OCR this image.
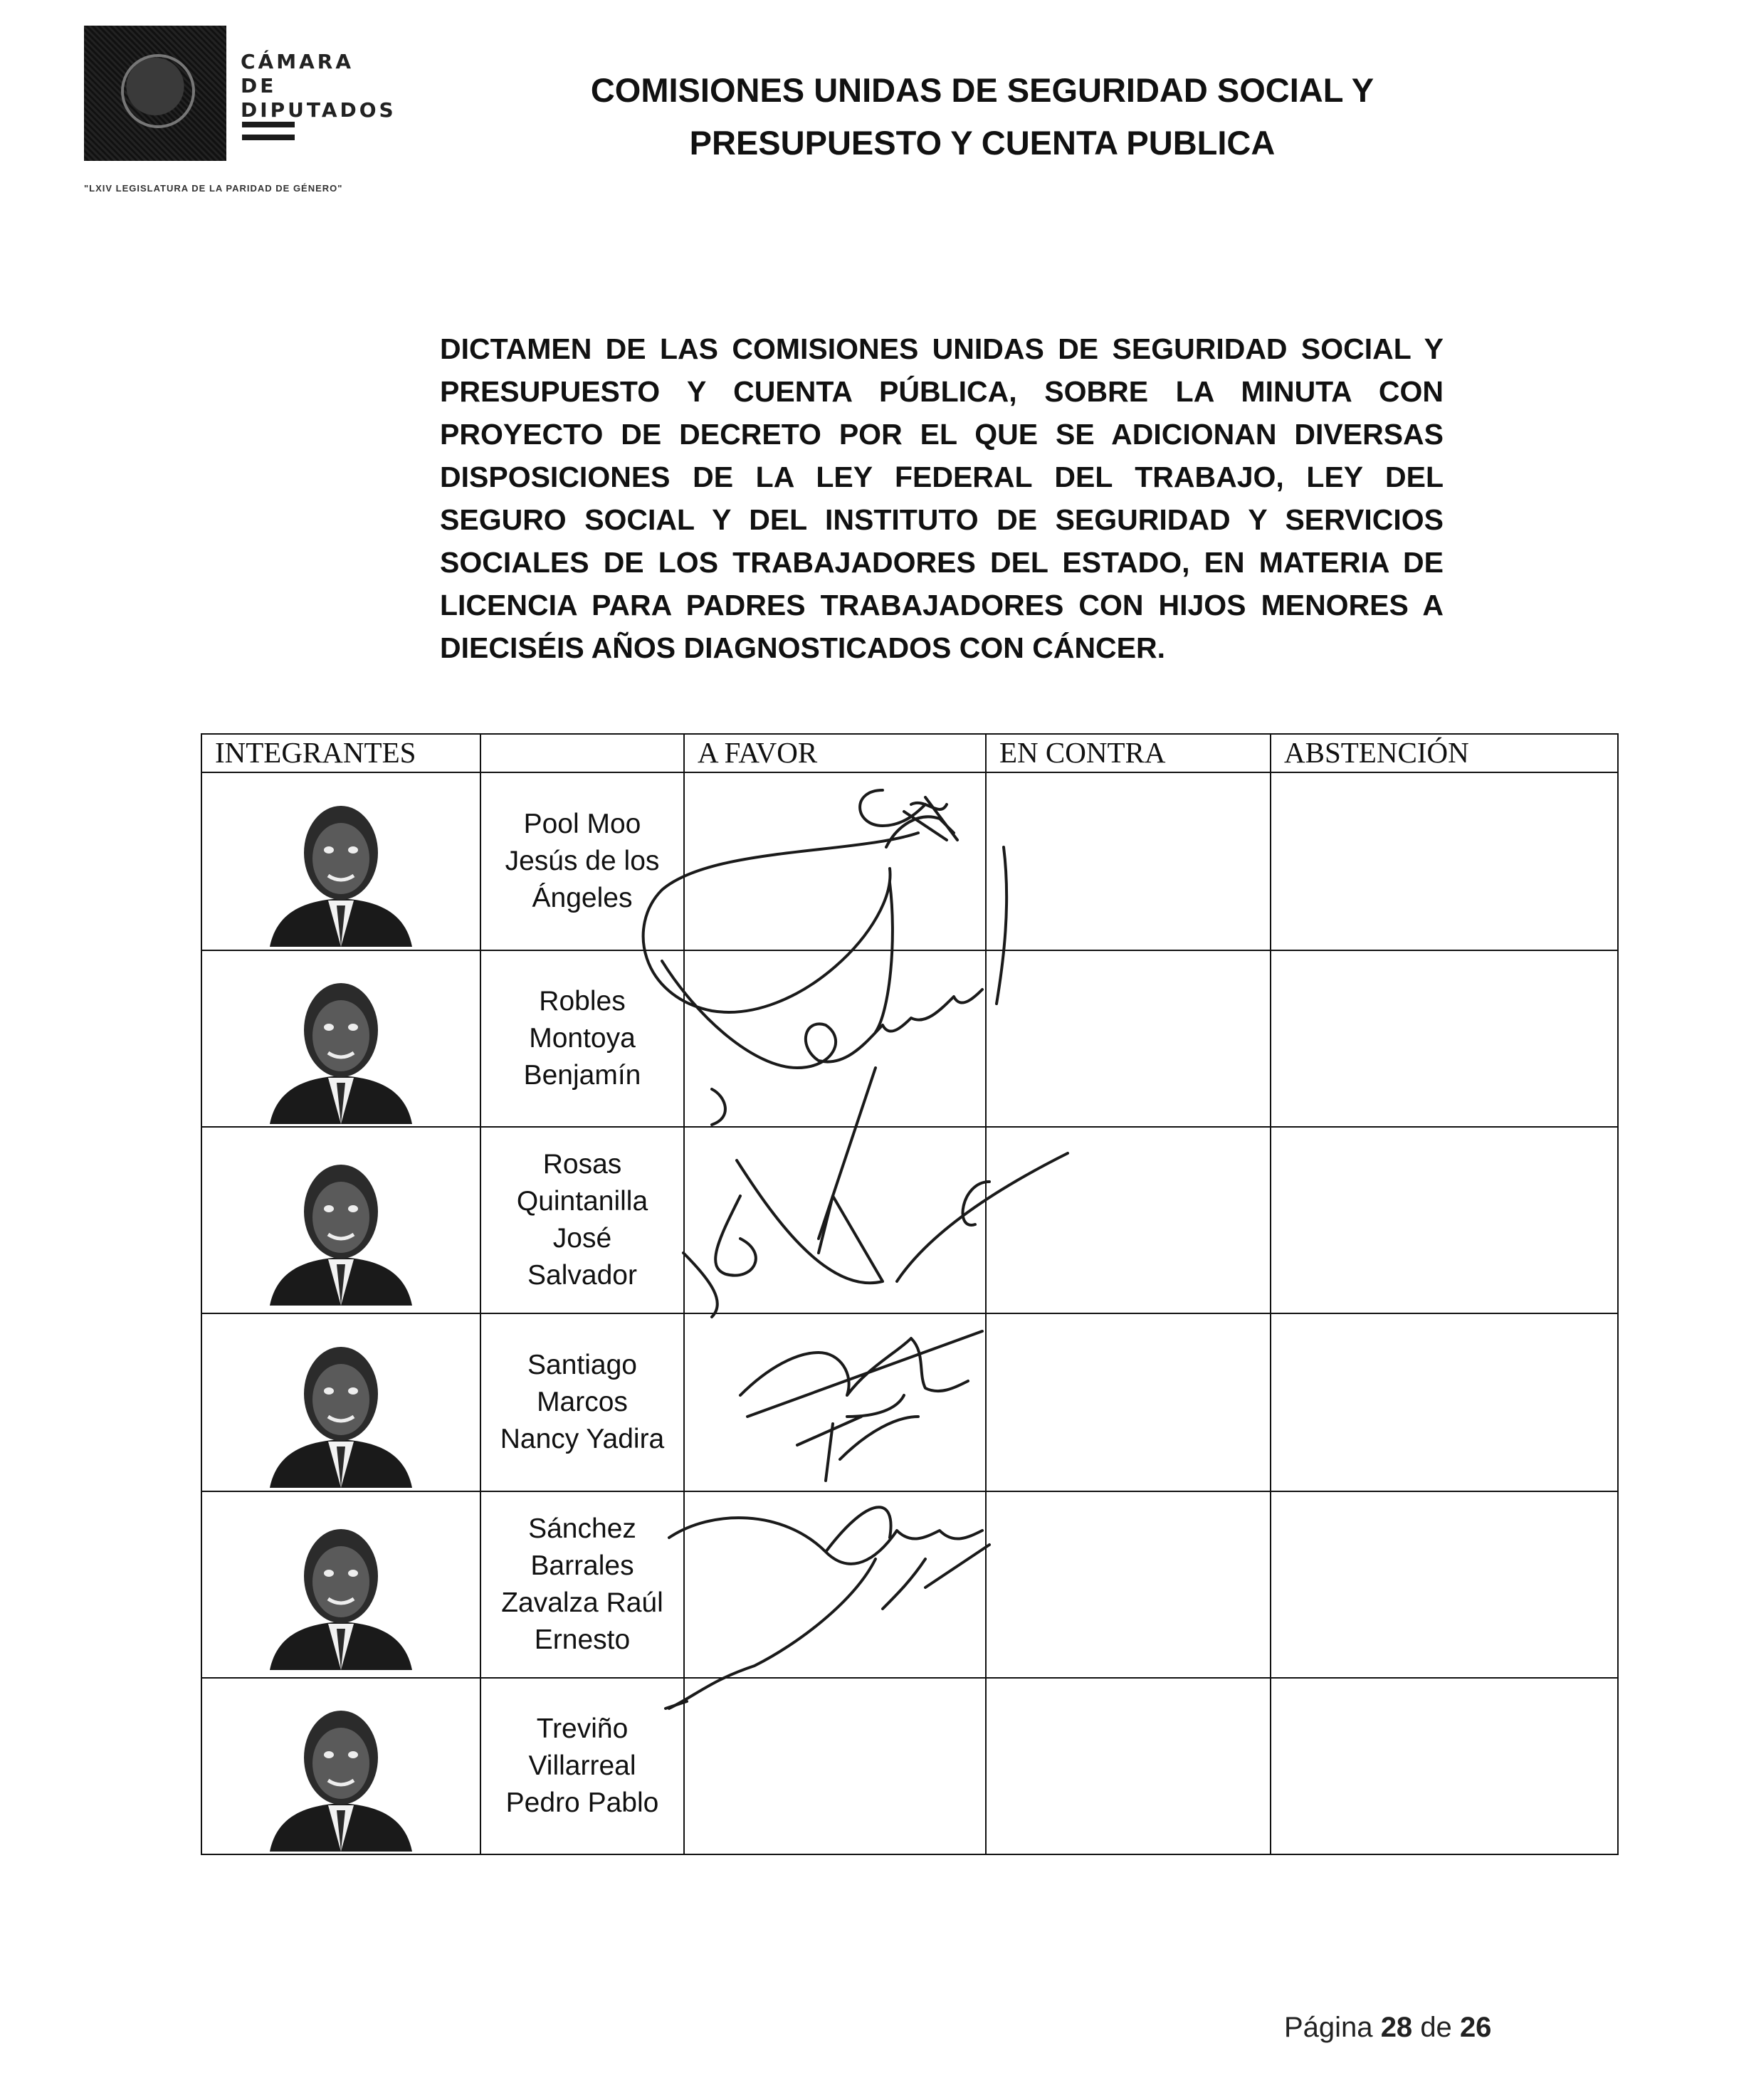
CÁMARA DE
DIPUTADOS
"LXIV LEGISLATURA DE LA PARIDAD DE GÉNERO"
COMISIONES UNIDAS DE SEGURIDAD SOCIAL Y
PRESUPUESTO Y CUENTA PUBLICA
DICTAMEN DE LAS COMISIONES UNIDAS DE SEGURIDAD SOCIAL Y PRESUPUESTO Y CUENTA PÚBLICA, SOBRE LA MINUTA CON PROYECTO DE DECRETO POR EL QUE SE ADICIONAN DIVERSAS DISPOSICIONES DE LA LEY FEDERAL DEL TRABAJO, LEY DEL SEGURO SOCIAL Y DEL INSTITUTO DE SEGURIDAD Y SERVICIOS SOCIALES DE LOS TRABAJADORES DEL ESTADO, EN MATERIA DE LICENCIA PARA PADRES TRABAJADORES CON HIJOS MENORES A DIECISÉIS AÑOS DIAGNOSTICADOS CON CÁNCER.
INTEGRANTES		A FAVOR	EN CONTRA	ABSTENCIÓN

Pool Moo
Jesús de los
Ángeles			

Robles
Montoya
Benjamín			

Rosas
Quintanilla
José
Salvador			

Santiago
Marcos
Nancy Yadira			

Sánchez
Barrales
Zavalza Raúl
Ernesto			

Treviño
Villarreal
Pedro Pablo			

Página 28 de 26
